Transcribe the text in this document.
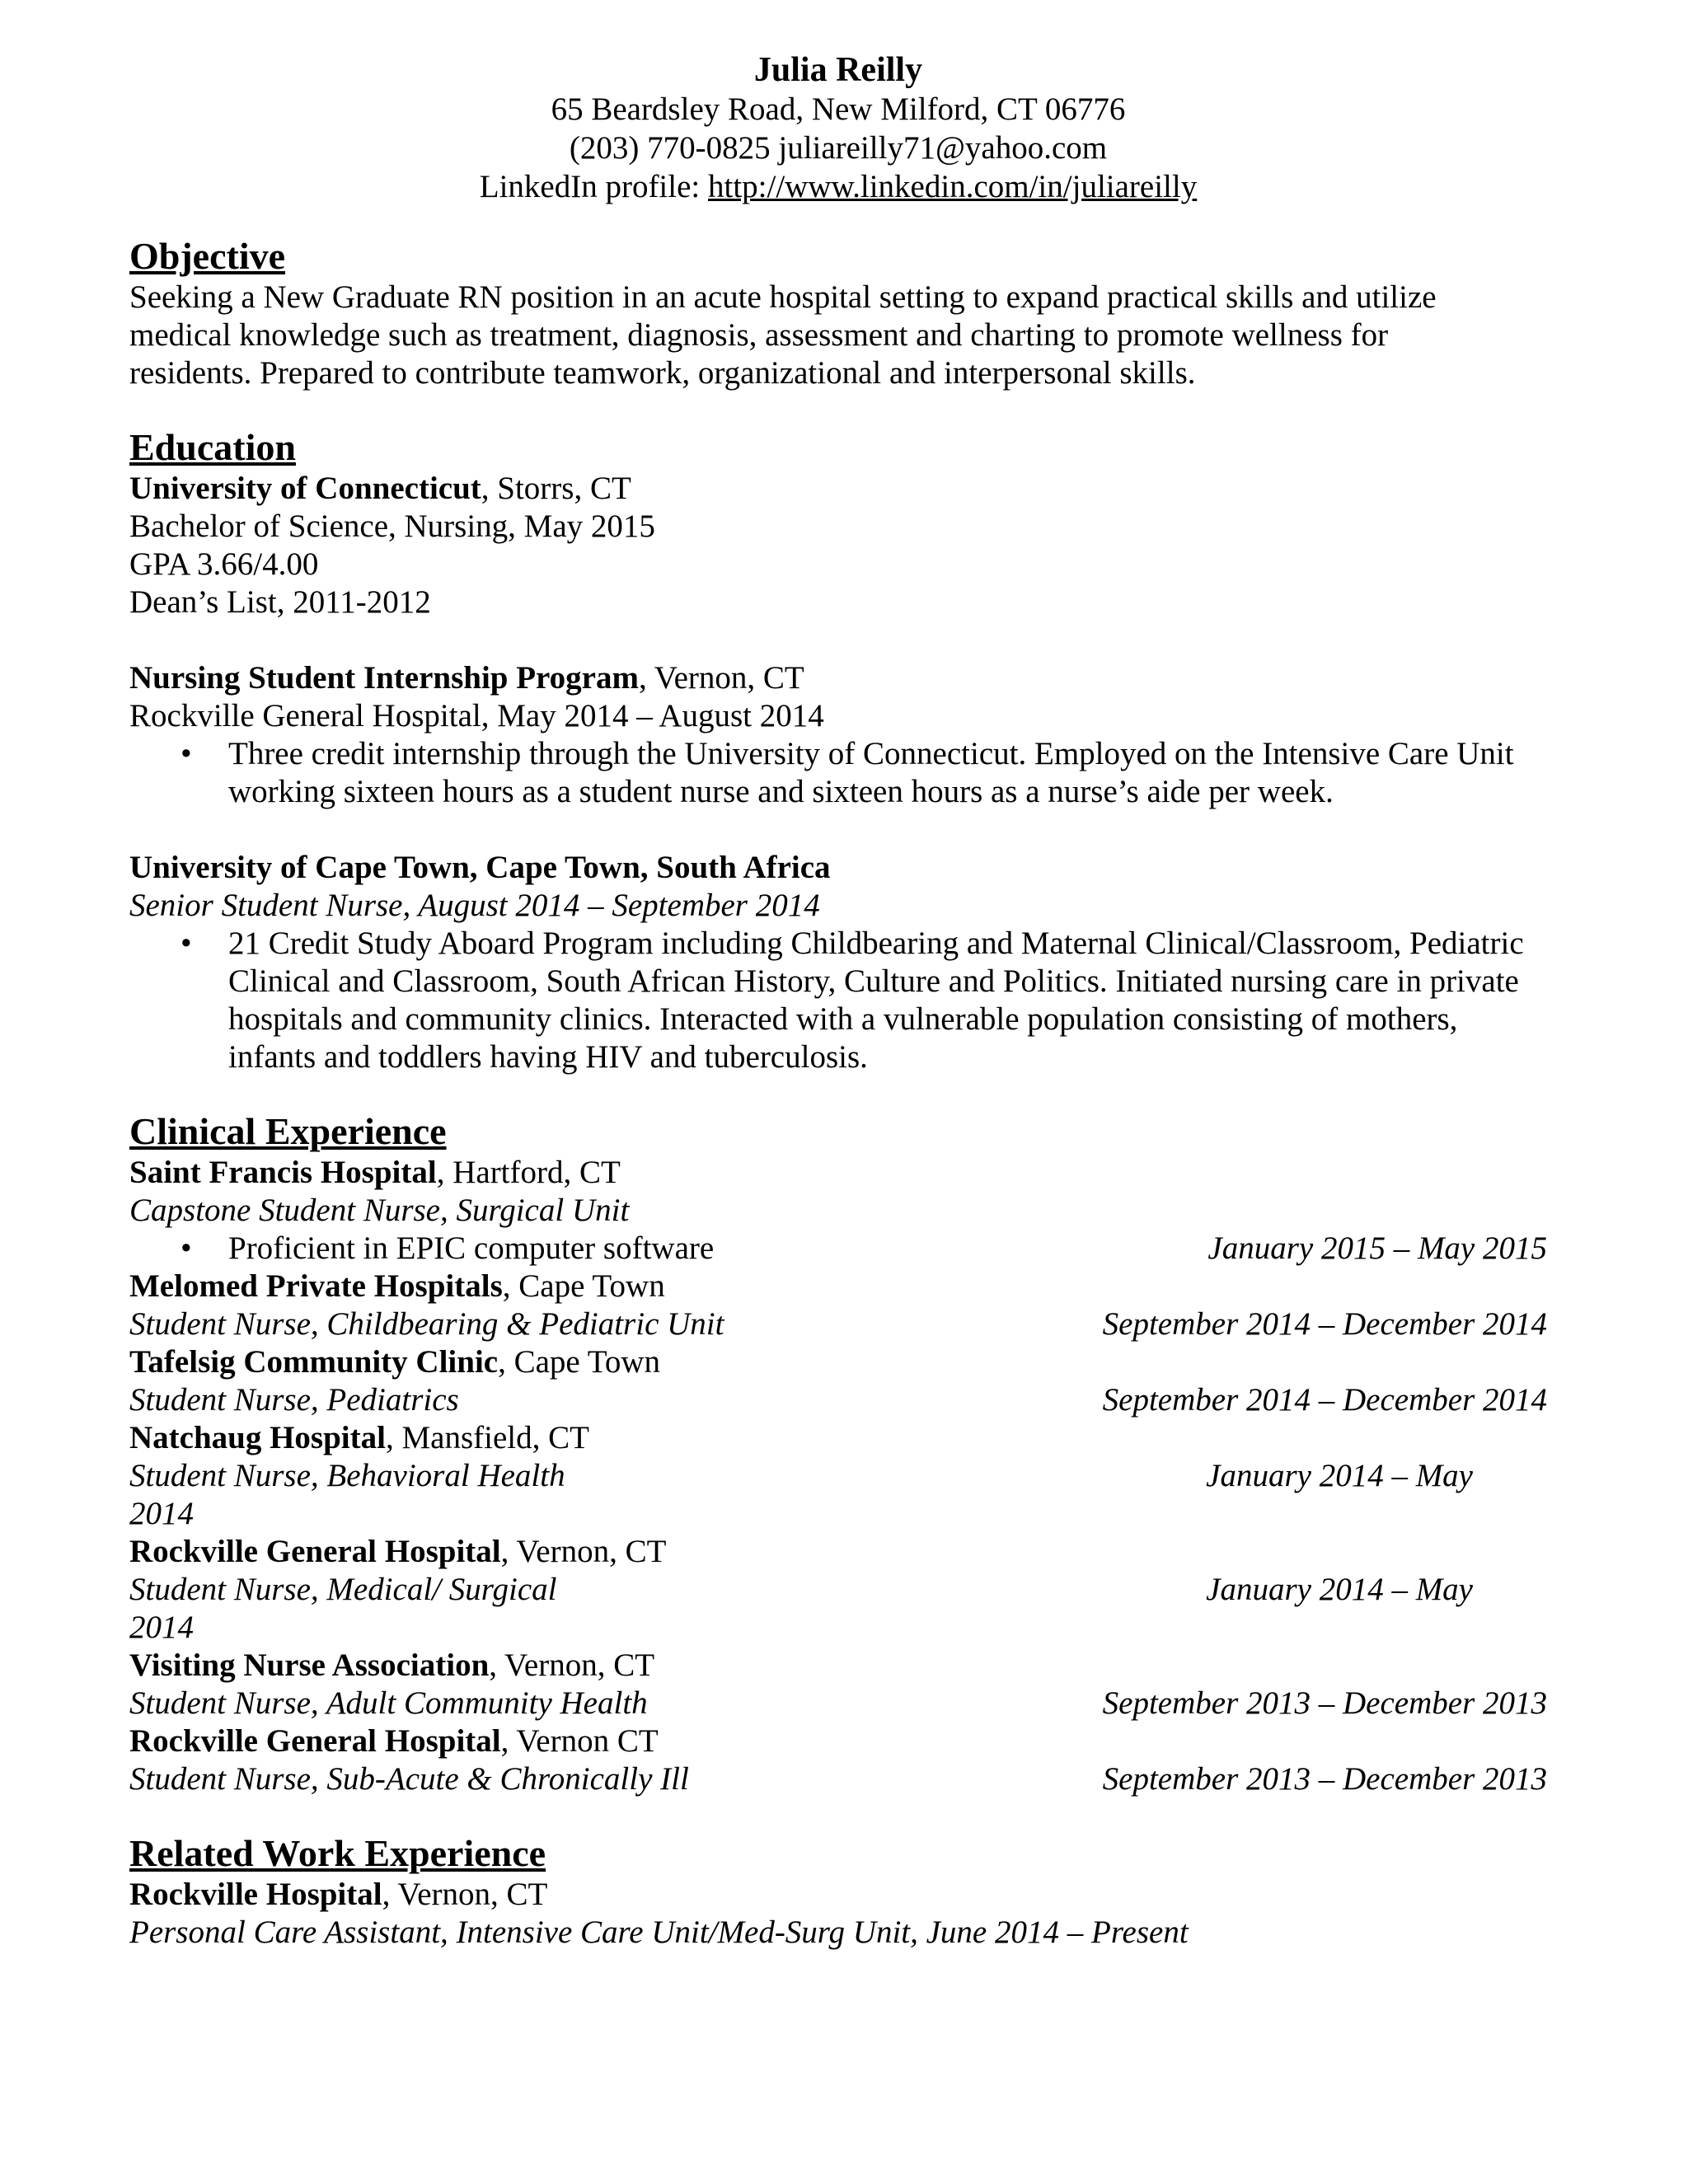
Julia Reilly
65 Beardsley Road, New Milford, CT 06776
(203) 770-0825 juliareilly71@yahoo.com
LinkedIn profile: http://www.linkedin.com/in/juliareilly
Objective
Seeking a New Graduate RN position in an acute hospital setting to expand practical skills and utilize medical knowledge such as treatment, diagnosis, assessment and charting to promote wellness for residents. Prepared to contribute teamwork, organizational and interpersonal skills.
Education
University of Connecticut, Storrs, CT
Bachelor of Science, Nursing, May 2015
GPA 3.66/4.00
Dean’s List, 2011-2012
Nursing Student Internship Program, Vernon, CT
Rockville General Hospital, May 2014 – August 2014
• Three credit internship through the University of Connecticut. Employed on the Intensive Care Unit working sixteen hours as a student nurse and sixteen hours as a nurse’s aide per week.
University of Cape Town, Cape Town, South Africa
Senior Student Nurse, August 2014 – September 2014
• 21 Credit Study Aboard Program including Childbearing and Maternal Clinical/Classroom, Pediatric Clinical and Classroom, South African History, Culture and Politics. Initiated nursing care in private hospitals and community clinics. Interacted with a vulnerable population consisting of mothers, infants and toddlers having HIV and tuberculosis.
Clinical Experience
Saint Francis Hospital, Hartford, CT
Capstone Student Nurse, Surgical Unit
• Proficient in EPIC computer software	January 2015 – May 2015
Melomed Private Hospitals, Cape Town
Student Nurse, Childbearing & Pediatric Unit	September 2014 – December 2014
Tafelsig Community Clinic, Cape Town
Student Nurse, Pediatrics	September 2014 – December 2014
Natchaug Hospital, Mansfield, CT
Student Nurse, Behavioral Health	January 2014 – May
2014
Rockville General Hospital, Vernon, CT
Student Nurse, Medical/ Surgical	January 2014 – May
2014
Visiting Nurse Association, Vernon, CT
Student Nurse, Adult Community Health	September 2013 – December 2013
Rockville General Hospital, Vernon CT
Student Nurse, Sub-Acute & Chronically Ill	September 2013 – December 2013
Related Work Experience
Rockville Hospital, Vernon, CT
Personal Care Assistant, Intensive Care Unit/Med-Surg Unit, June 2014 – Present
